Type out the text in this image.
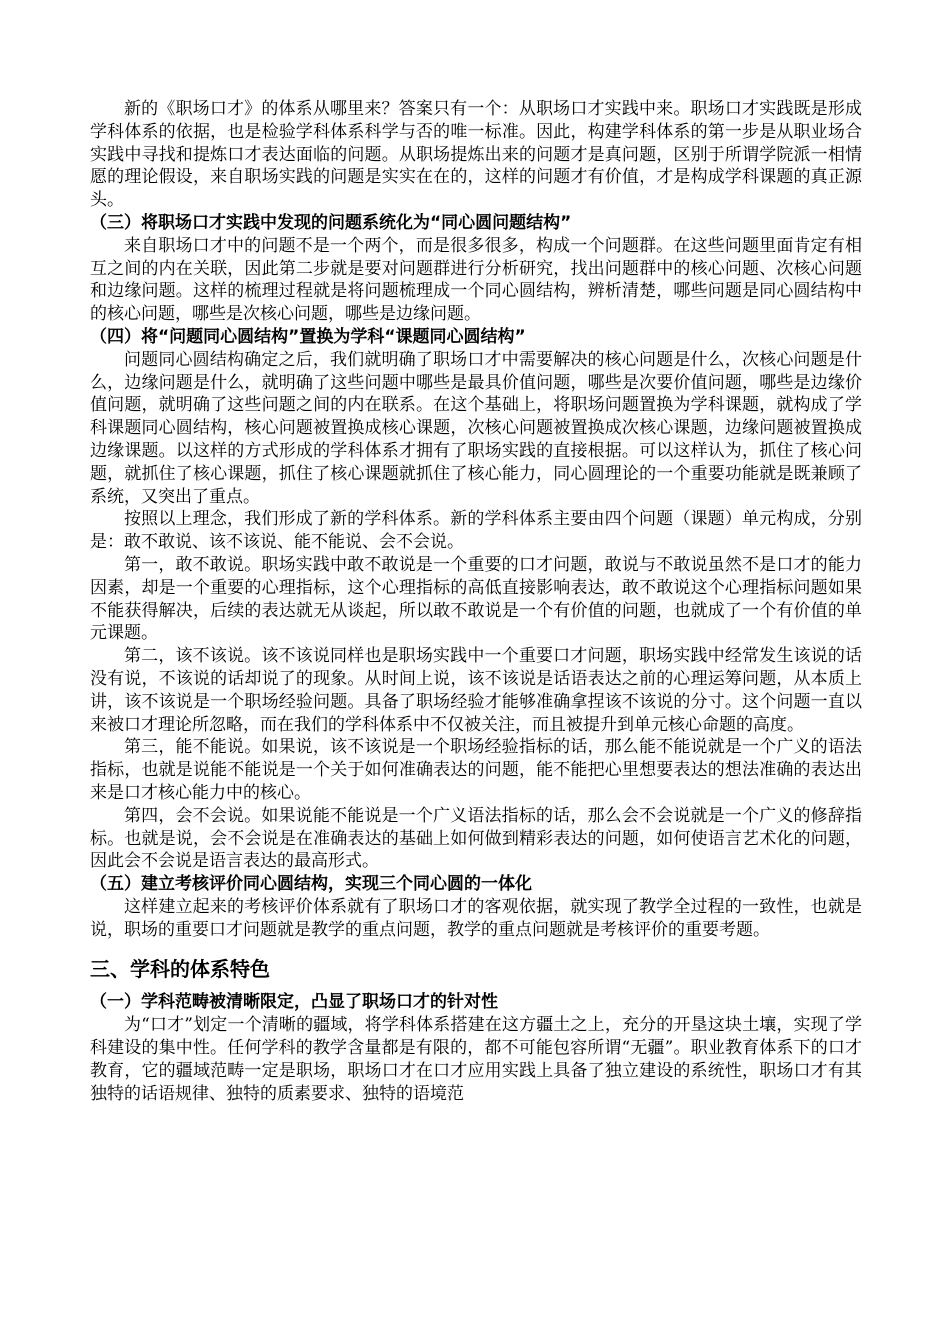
新的《职场口才》的体系从哪里来？答案只有一个：从职场口才实践中来。职场口才实践既是形成学科体系的依据，也是检验学科体系科学与否的唯一标准。因此，构建学科体系的第一步是从职业场合实践中寻找和提炼口才表达面临的问题。从职场提炼出来的问题才是真问题，区别于所谓学院派一相情愿的理论假设，来自职场实践的问题是实实在在的，这样的问题才有价值，才是构成学科课题的真正源头。

（三）将职场口才实践中发现的问题系统化为“同心圆问题结构”

来自职场口才中的问题不是一个两个，而是很多很多，构成一个问题群。在这些问题里面肯定有相互之间的内在关联，因此第二步就是要对问题群进行分析研究，找出问题群中的核心问题、次核心问题和边缘问题。这样的梳理过程就是将问题梳理成一个同心圆结构，辨析清楚，哪些问题是同心圆结构中的核心问题，哪些是次核心问题，哪些是边缘问题。

（四）将“问题同心圆结构”置换为学科“课题同心圆结构”

问题同心圆结构确定之后，我们就明确了职场口才中需要解决的核心问题是什么，次核心问题是什么，边缘问题是什么，就明确了这些问题中哪些是最具价值问题，哪些是次要价值问题，哪些是边缘价值问题，就明确了这些问题之间的内在联系。在这个基础上，将职场问题置换为学科课题，就构成了学科课题同心圆结构，核心问题被置换成核心课题，次核心问题被置换成次核心课题，边缘问题被置换成边缘课题。以这样的方式形成的学科体系才拥有了职场实践的直接根据。可以这样认为，抓住了核心问题，就抓住了核心课题，抓住了核心课题就抓住了核心能力，同心圆理论的一个重要功能就是既兼顾了系统，又突出了重点。

按照以上理念，我们形成了新的学科体系。新的学科体系主要由四个问题（课题）单元构成，分别是：敢不敢说、该不该说、能不能说、会不会说。

第一，敢不敢说。职场实践中敢不敢说是一个重要的口才问题，敢说与不敢说虽然不是口才的能力因素，却是一个重要的心理指标，这个心理指标的高低直接影响表达，敢不敢说这个心理指标问题如果不能获得解决，后续的表达就无从谈起，所以敢不敢说是一个有价值的问题，也就成了一个有价值的单元课题。

第二，该不该说。该不该说同样也是职场实践中一个重要口才问题，职场实践中经常发生该说的话没有说，不该说的话却说了的现象。从时间上说，该不该说是话语表达之前的心理运筹问题，从本质上讲，该不该说是一个职场经验问题。具备了职场经验才能够准确拿捏该不该说的分寸。这个问题一直以来被口才理论所忽略，而在我们的学科体系中不仅被关注，而且被提升到单元核心命题的高度。

第三，能不能说。如果说，该不该说是一个职场经验指标的话，那么能不能说就是一个广义的语法指标，也就是说能不能说是一个关于如何准确表达的问题，能不能把心里想要表达的想法准确的表达出来是口才核心能力中的核心。

第四，会不会说。如果说能不能说是一个广义语法指标的话，那么会不会说就是一个广义的修辞指标。也就是说，会不会说是在准确表达的基础上如何做到精彩表达的问题，如何使语言艺术化的问题，因此会不会说是语言表达的最高形式。

（五）建立考核评价同心圆结构，实现三个同心圆的一体化

这样建立起来的考核评价体系就有了职场口才的客观依据，就实现了教学全过程的一致性，也就是说，职场的重要口才问题就是教学的重点问题，教学的重点问题就是考核评价的重要考题。

三、学科的体系特色

（一）学科范畴被清晰限定，凸显了职场口才的针对性

为“口才”划定一个清晰的疆域，将学科体系搭建在这方疆土之上，充分的开垦这块土壤，实现了学科建设的集中性。任何学科的教学含量都是有限的，都不可能包容所谓“无疆”。职业教育体系下的口才教育，它的疆域范畴一定是职场，职场口才在口才应用实践上具备了独立建设的系统性，职场口才有其独特的话语规律、独特的质素要求、独特的语境范
